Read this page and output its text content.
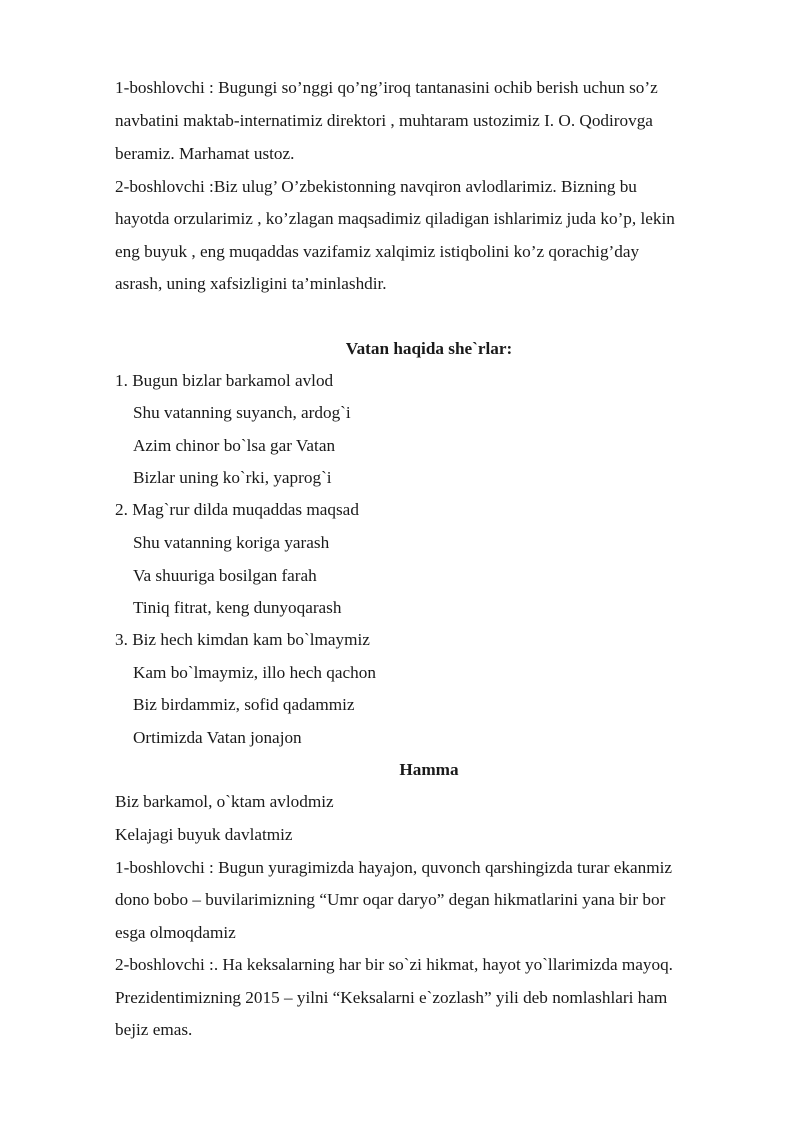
1-boshlovchi : Bugungi so’nggi qo’ng’iroq tantanasini ochib berish uchun so’z
navbatini maktab-internatimiz direktori , muhtaram ustozimiz I. O. Qodirovga
beramiz. Marhamat ustoz.
2-boshlovchi :Biz ulug’ O’zbekistonning navqiron avlodlarimiz. Bizning bu
hayotda orzularimiz , ko’zlagan maqsadimiz qiladigan ishlarimiz juda ko’p, lekin
eng buyuk , eng muqaddas vazifamiz xalqimiz istiqbolini ko’z qorachig’day
asrash, uning xafsizligini ta’minlashdir.
Vatan haqida she`rlar:
1. Bugun bizlar barkamol avlod
Shu vatanning suyanch, ardog`i
Azim chinor bo`lsa gar Vatan
Bizlar uning ko`rki, yaprog`i
2. Mag`rur dilda muqaddas maqsad
Shu vatanning koriga yarash
Va shuuriga bosilgan farah
Tiniq fitrat, keng dunyoqarash
3. Biz hech kimdan kam bo`lmaymiz
Kam bo`lmaymiz, illo hech qachon
Biz birdammiz, sofid qadammiz
Ortimizda Vatan jonajon
Hamma
Biz barkamol, o`ktam avlodmiz
Kelajagi buyuk davlatmiz
1-boshlovchi : Bugun yuragimizda hayajon, quvonch qarshingizda turar ekanmiz
dono bobo – buvilarimizning “Umr oqar daryo” degan hikmatlarini yana bir bor
esga olmoqdamiz
2-boshlovchi :. Ha keksalarning har bir so`zi hikmat, hayot yo`llarimizda mayoq.
Prezidentimizning 2015 – yilni “Keksalarni e`zozlash” yili deb nomlashlari ham
bejiz emas.
